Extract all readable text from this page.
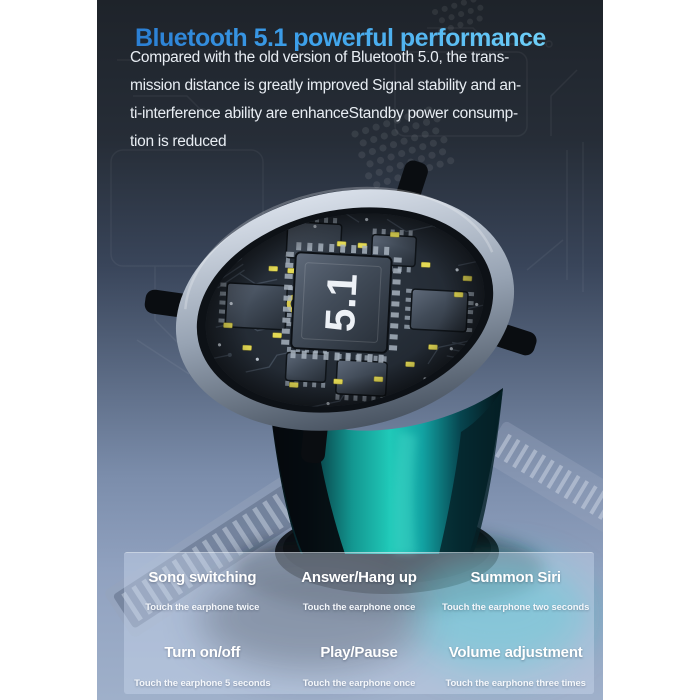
Bluetooth 5.1 powerful performance
Compared with the old version of Bluetooth 5.0, the trans-
mission distance is greatly improved Signal stability and an-
ti-interference ability are enhanceStandby power consump-
tion is reduced
Song switching
Touch the earphone twice
Answer/Hang up
Touch the earphone once
Summon Siri
Touch the earphone two seconds
Turn on/off
Touch the earphone 5 seconds
Play/Pause
Touch the earphone once
Volume adjustment
Touch the earphone three times
